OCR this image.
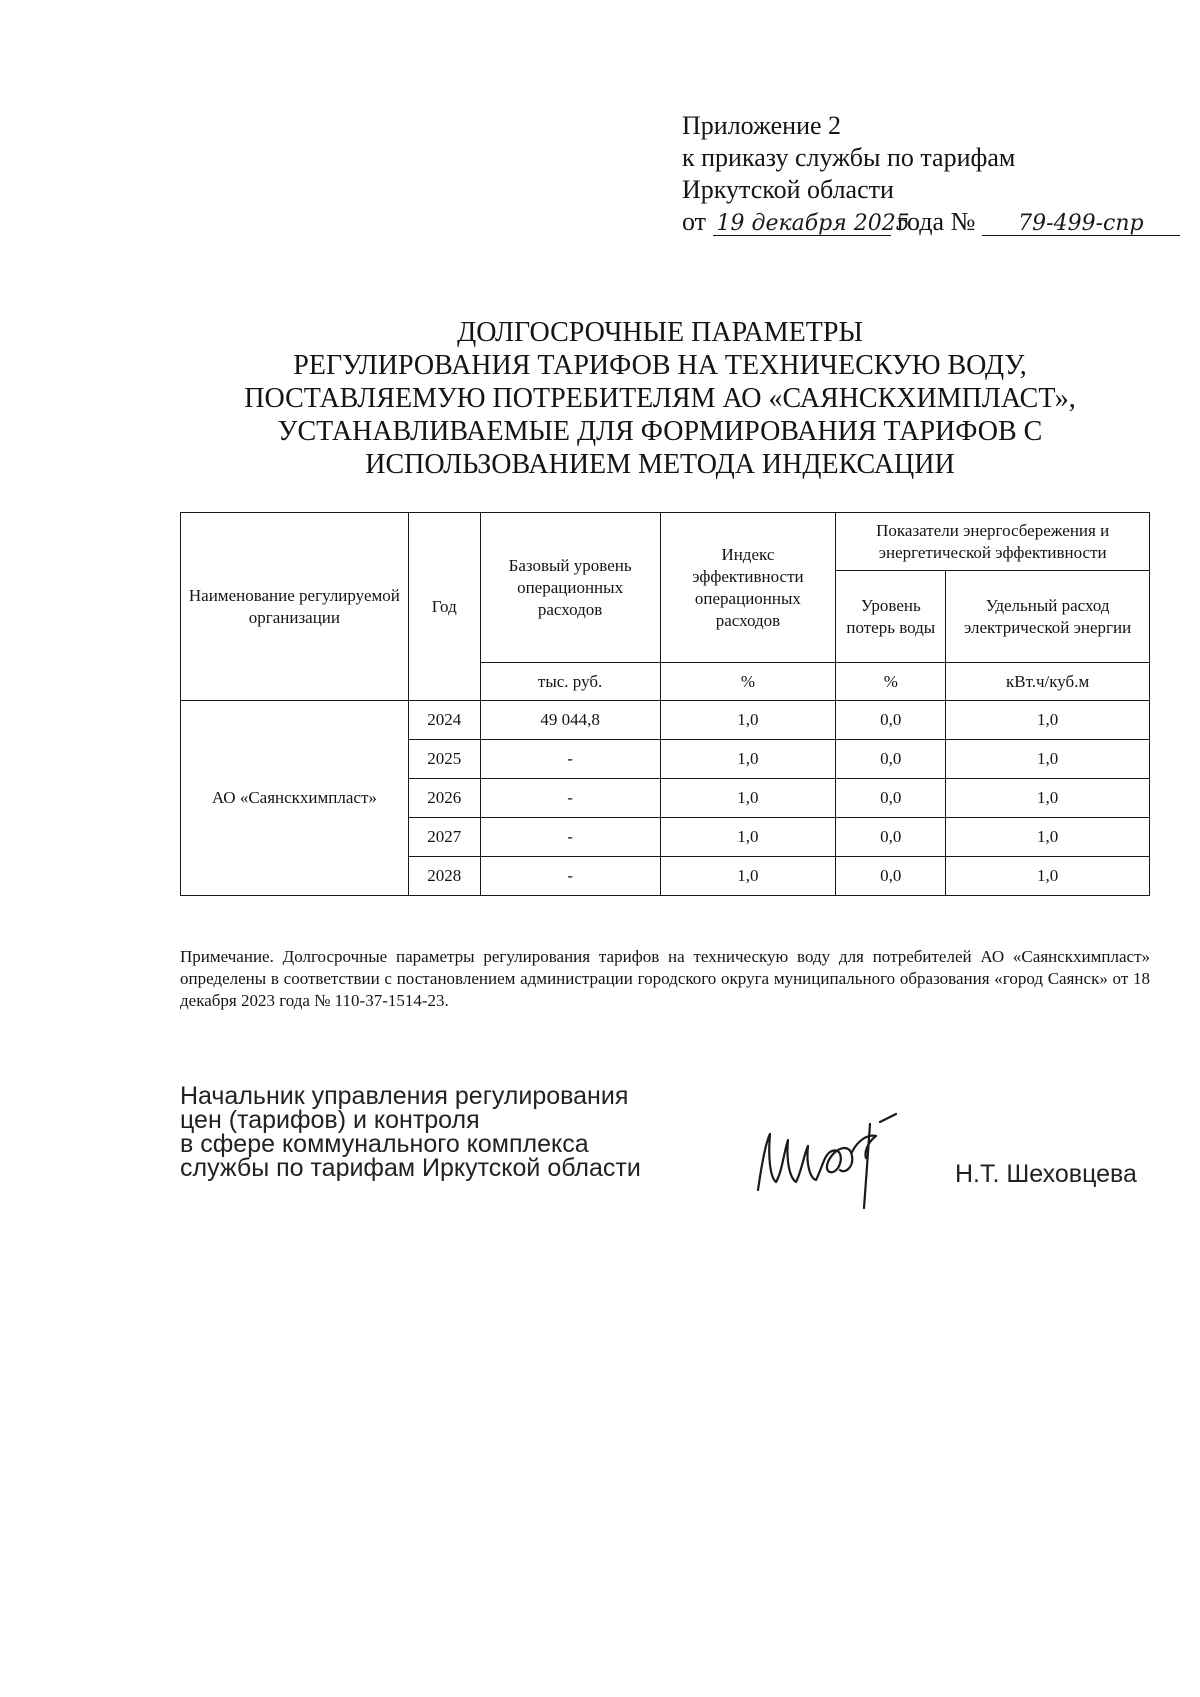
Приложение 2
к приказу службы по тарифам
Иркутской области
от 19 декабря 2025 года № 79-499-спр
ДОЛГОСРОЧНЫЕ ПАРАМЕТРЫ
РЕГУЛИРОВАНИЯ ТАРИФОВ НА ТЕХНИЧЕСКУЮ ВОДУ,
ПОСТАВЛЯЕМУЮ ПОТРЕБИТЕЛЯМ АО «САЯНСКХИМПЛАСТ»,
УСТАНАВЛИВАЕМЫЕ ДЛЯ ФОРМИРОВАНИЯ ТАРИФОВ С
ИСПОЛЬЗОВАНИЕМ МЕТОДА ИНДЕКСАЦИИ
Наименование регулируемой организации	Год	Базовый уровень операционных расходов	Индекс эффективности операционных расходов	Показатели энергосбережения и энергетической эффективности	
				Уровень потерь воды	Удельный расход электрической энергии
		тыс. руб.	%	%	кВт.ч/куб.м
АО «Саянскхимпласт»	2024	49 044,8	1,0	0,0	1,0
	2025	-	1,0	0,0	1,0
	2026	-	1,0	0,0	1,0
	2027	-	1,0	0,0	1,0
	2028	-	1,0	0,0	1,0
Примечание. Долгосрочные параметры регулирования тарифов на техническую воду для потребителей АО «Саянскхимпласт» определены в соответствии с постановлением администрации городского округа муниципального образования «город Саянск» от 18 декабря 2023 года № 110-37-1514-23.
Начальник управления регулирования
цен (тарифов) и контроля
в сфере коммунального комплекса
службы по тарифам Иркутской области	Н.Т. Шеховцева
